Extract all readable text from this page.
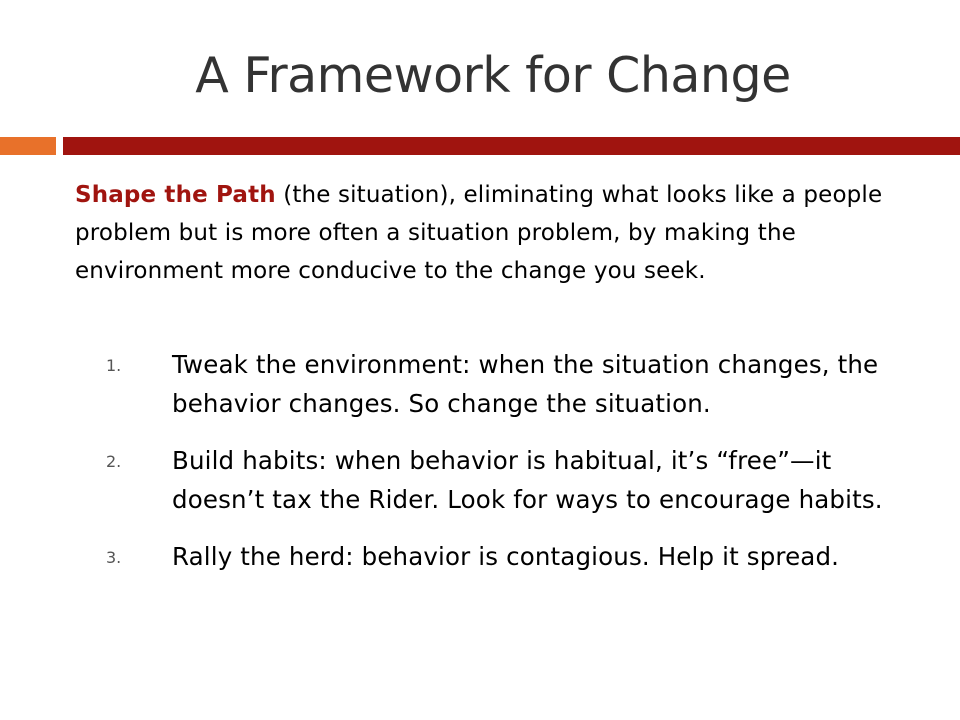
A Framework for Change
Shape the Path (the situation), eliminating what looks like a people problem but is more often a situation problem, by making the environment more conducive to the change you seek.
1. Tweak the environment: when the situation changes, the behavior changes. So change the situation.
2. Build habits: when behavior is habitual, it’s “free”—it doesn’t tax the Rider. Look for ways to encourage habits.
3. Rally the herd: behavior is contagious. Help it spread.
